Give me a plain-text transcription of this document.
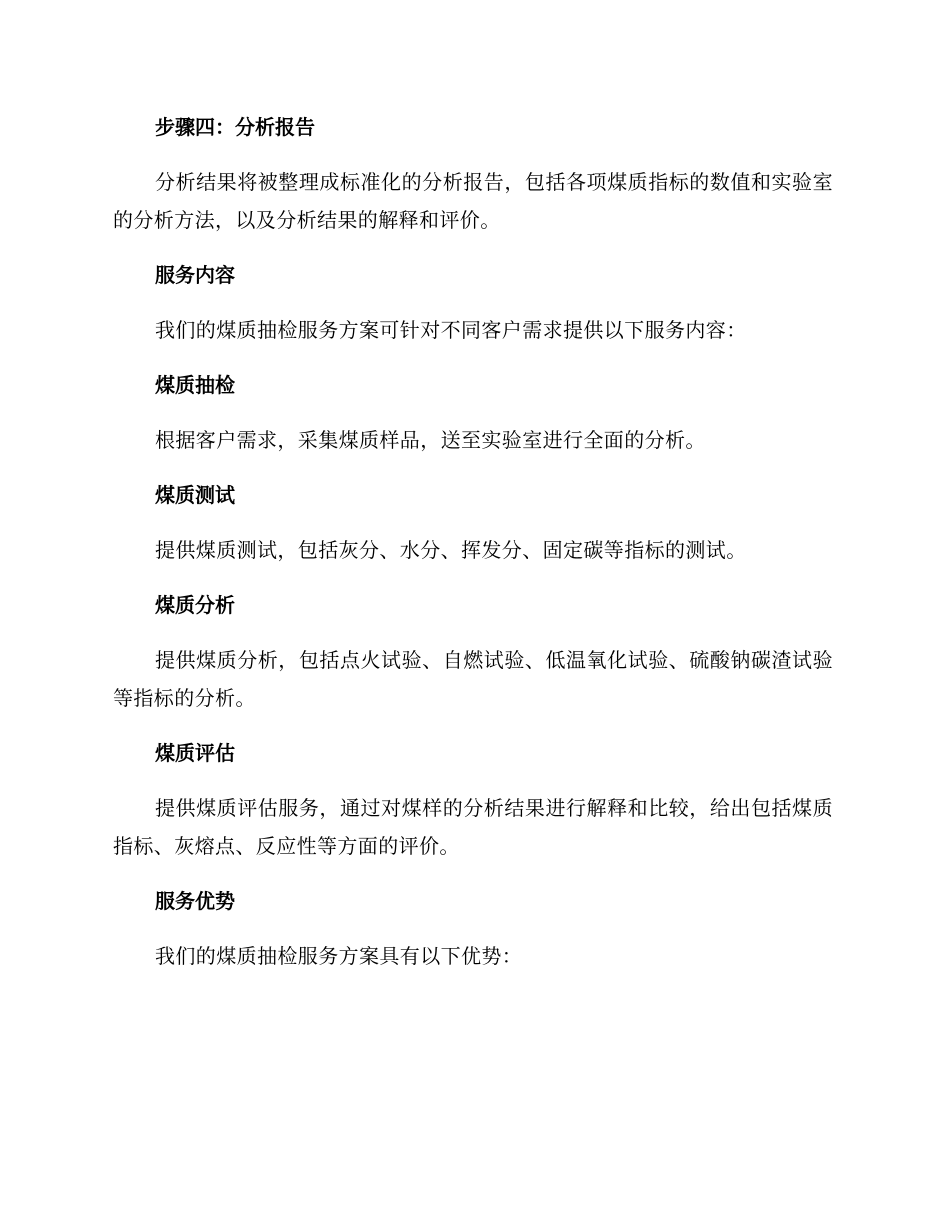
步骤四：分析报告

分析结果将被整理成标准化的分析报告，包括各项煤质指标的数值和实验室的分析方法，以及分析结果的解释和评价。

服务内容

我们的煤质抽检服务方案可针对不同客户需求提供以下服务内容：

煤质抽检

根据客户需求，采集煤质样品，送至实验室进行全面的分析。

煤质测试

提供煤质测试，包括灰分、水分、挥发分、固定碳等指标的测试。

煤质分析

提供煤质分析，包括点火试验、自燃试验、低温氧化试验、硫酸钠碳渣试验等指标的分析。

煤质评估

提供煤质评估服务，通过对煤样的分析结果进行解释和比较，给出包括煤质指标、灰熔点、反应性等方面的评价。

服务优势

我们的煤质抽检服务方案具有以下优势：
